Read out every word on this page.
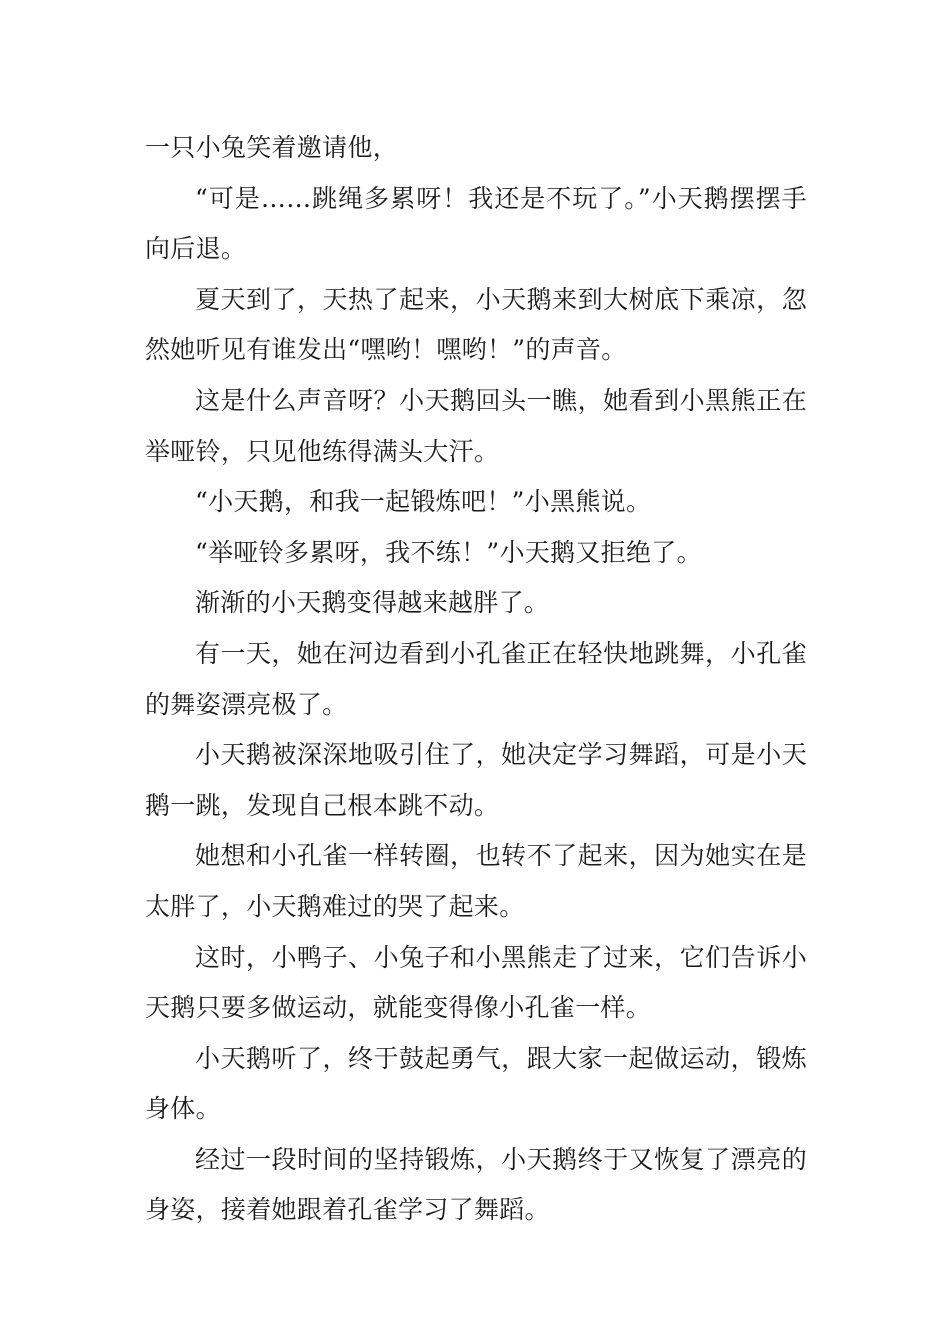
一只小兔笑着邀请他，

“可是……跳绳多累呀！我还是不玩了。”小天鹅摆摆手向后退。

夏天到了，天热了起来，小天鹅来到大树底下乘凉，忽然她听见有谁发出“嘿哟！嘿哟！”的声音。

这是什么声音呀？小天鹅回头一瞧，她看到小黑熊正在举哑铃，只见他练得满头大汗。

“小天鹅，和我一起锻炼吧！”小黑熊说。

“举哑铃多累呀，我不练！”小天鹅又拒绝了。

渐渐的小天鹅变得越来越胖了。

有一天，她在河边看到小孔雀正在轻快地跳舞，小孔雀的舞姿漂亮极了。

小天鹅被深深地吸引住了，她决定学习舞蹈，可是小天鹅一跳，发现自己根本跳不动。

她想和小孔雀一样转圈，也转不了起来，因为她实在是太胖了，小天鹅难过的哭了起来。

这时，小鸭子、小兔子和小黑熊走了过来，它们告诉小天鹅只要多做运动，就能变得像小孔雀一样。

小天鹅听了，终于鼓起勇气，跟大家一起做运动，锻炼身体。

经过一段时间的坚持锻炼，小天鹅终于又恢复了漂亮的身姿，接着她跟着孔雀学习了舞蹈。
